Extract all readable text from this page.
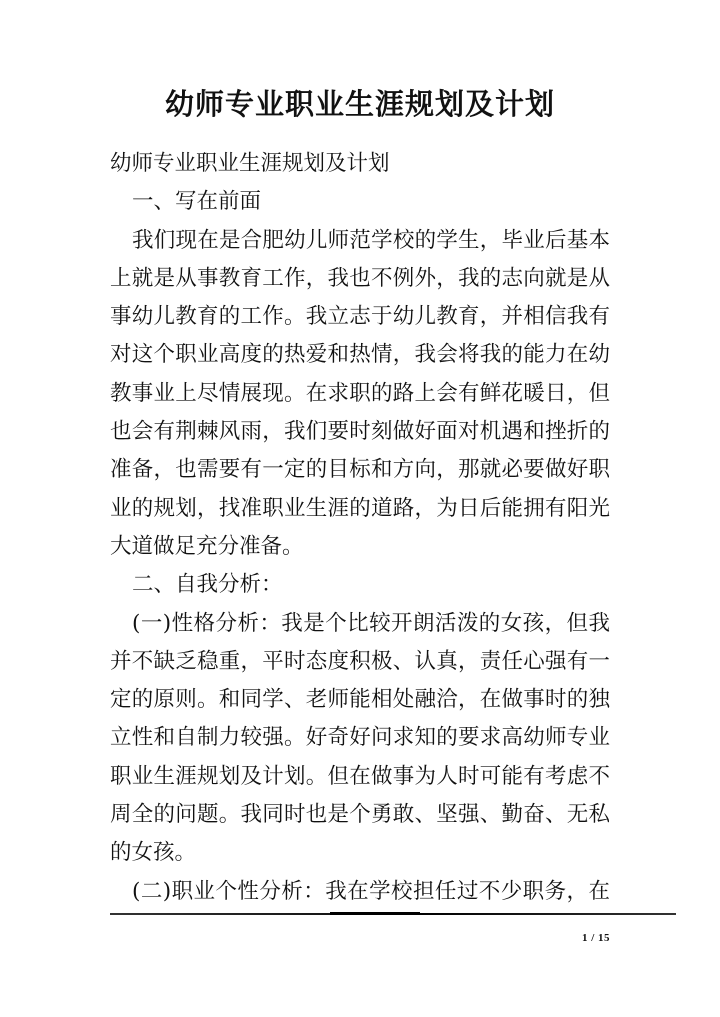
幼师专业职业生涯规划及计划
幼师专业职业生涯规划及计划
一、写在前面
我们现在是合肥幼儿师范学校的学生，毕业后基本
上就是从事教育工作，我也不例外，我的志向就是从
事幼儿教育的工作。我立志于幼儿教育，并相信我有
对这个职业高度的热爱和热情，我会将我的能力在幼
教事业上尽情展现。在求职的路上会有鲜花暖日，但
也会有荆棘风雨，我们要时刻做好面对机遇和挫折的
准备，也需要有一定的目标和方向，那就必要做好职
业的规划，找准职业生涯的道路，为日后能拥有阳光
大道做足充分准备。
二、自我分析：
(一)性格分析：我是个比较开朗活泼的女孩，但我
并不缺乏稳重，平时态度积极、认真，责任心强有一
定的原则。和同学、老师能相处融洽，在做事时的独
立性和自制力较强。好奇好问求知的要求高幼师专业
职业生涯规划及计划。但在做事为人时可能有考虑不
周全的问题。我同时也是个勇敢、坚强、勤奋、无私
的女孩。
(二)职业个性分析：我在学校担任过不少职务，在
1 / 15
